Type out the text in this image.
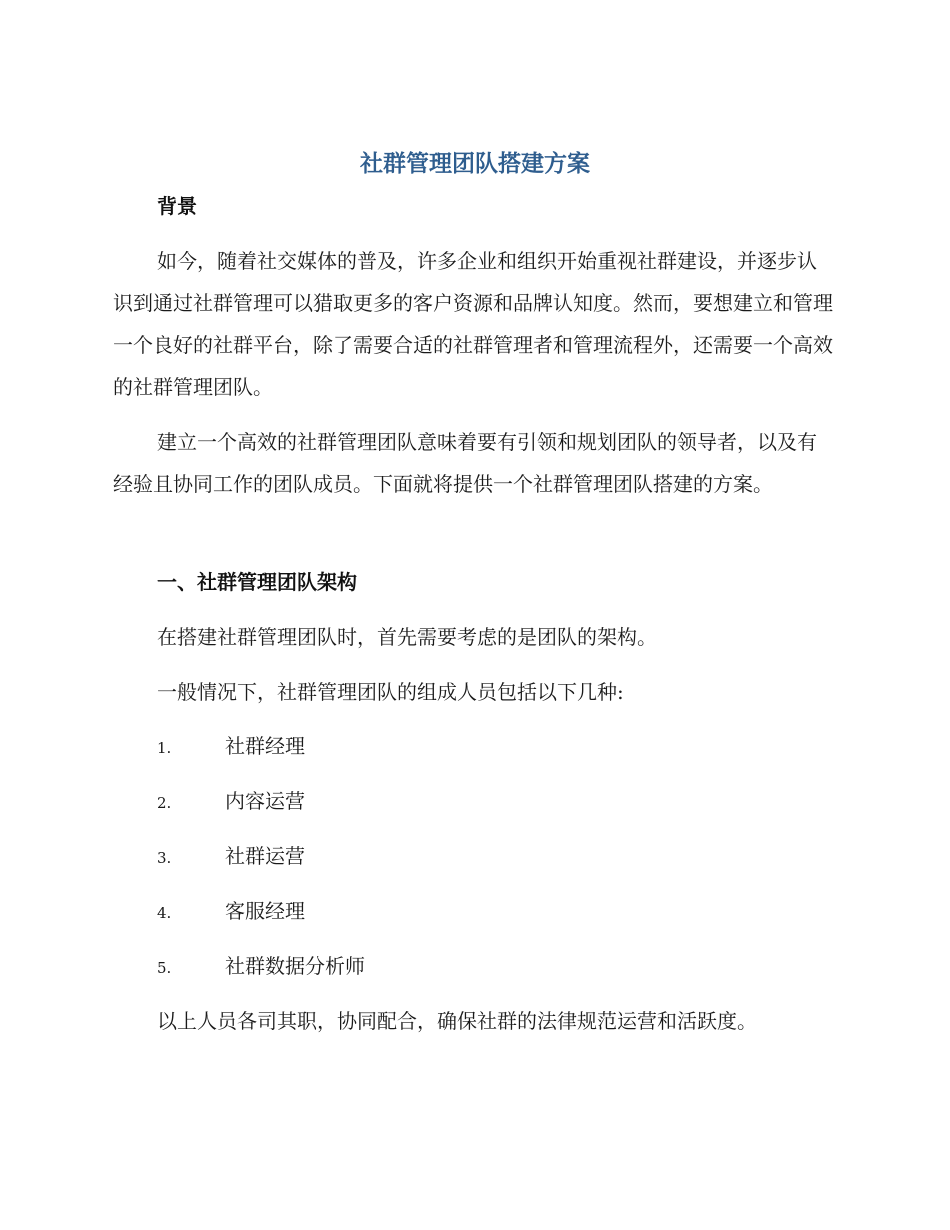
社群管理团队搭建方案
背景

如今，随着社交媒体的普及，许多企业和组织开始重视社群建设，并逐步认识到通过社群管理可以猎取更多的客户资源和品牌认知度。然而，要想建立和管理一个良好的社群平台，除了需要合适的社群管理者和管理流程外，还需要一个高效的社群管理团队。

建立一个高效的社群管理团队意味着要有引领和规划团队的领导者，以及有经验且协同工作的团队成员。下面就将提供一个社群管理团队搭建的方案。

一、社群管理团队架构

在搭建社群管理团队时，首先需要考虑的是团队的架构。

一般情况下，社群管理团队的组成人员包括以下几种:

1.	社群经理
2.	内容运营
3.	社群运营
4.	客服经理
5.	社群数据分析师

以上人员各司其职，协同配合，确保社群的法律规范运营和活跃度。
